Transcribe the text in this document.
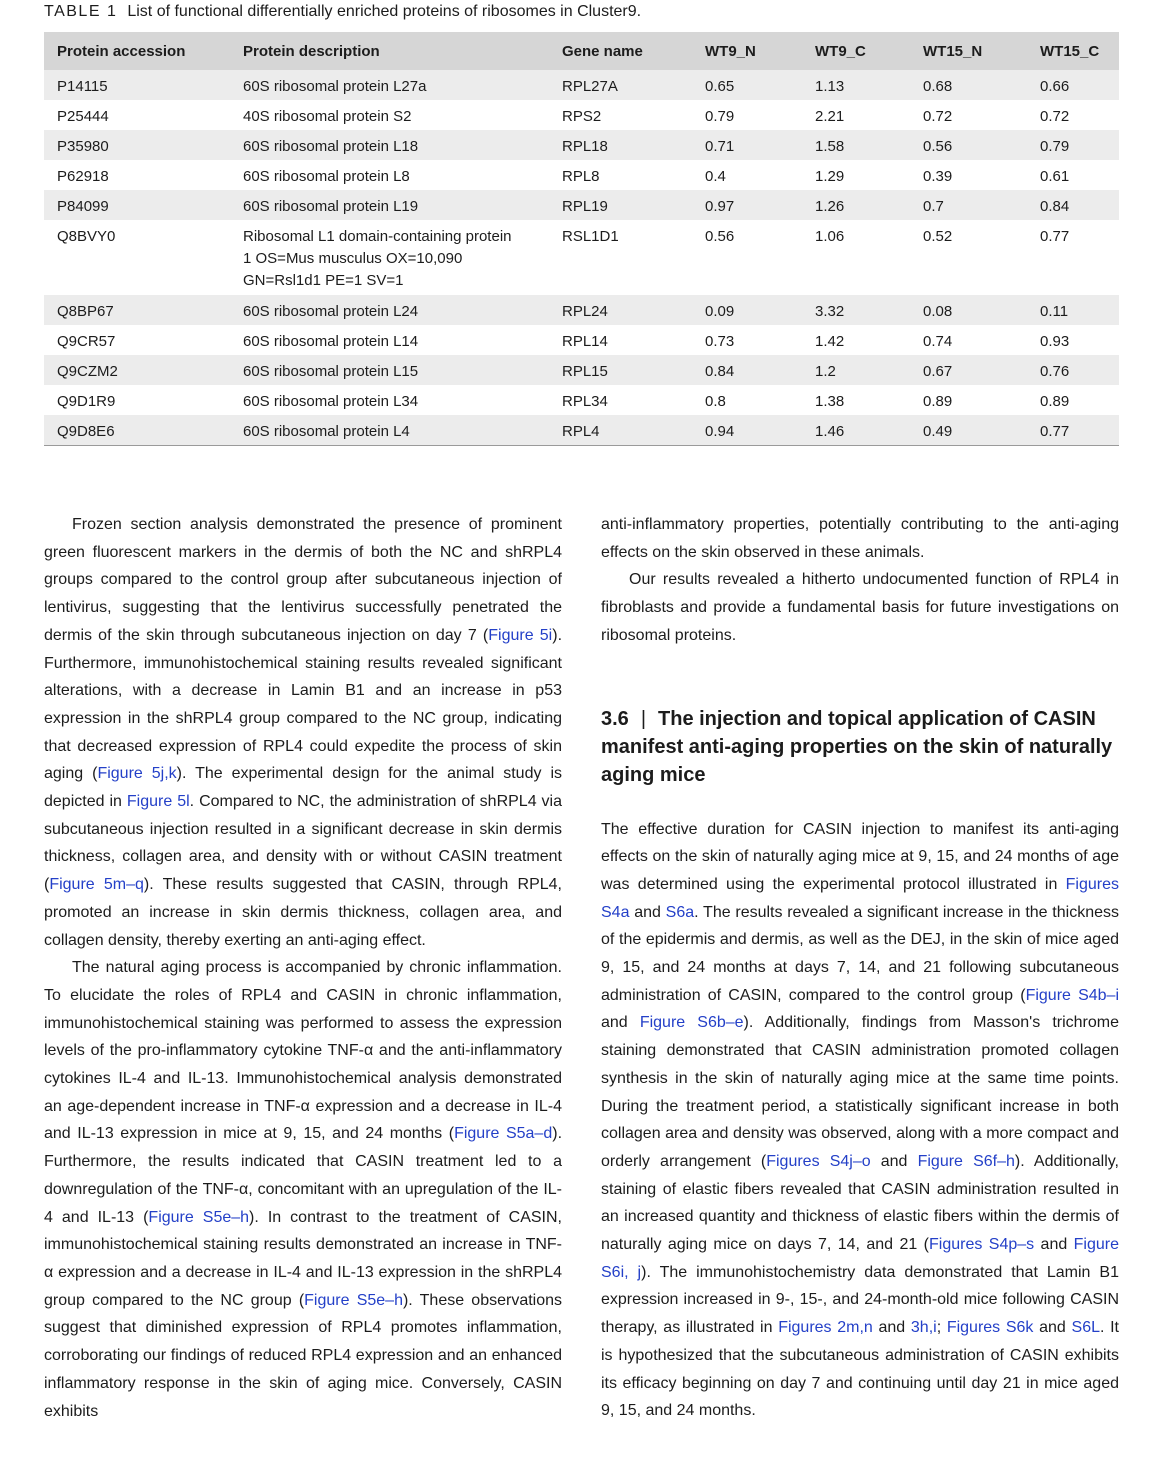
TABLE 1 List of functional differentially enriched proteins of ribosomes in Cluster9.
Protein accession	Protein description	Gene name	WT9_N	WT9_C	WT15_N	WT15_C
P14115	60S ribosomal protein L27a	RPL27A	0.65	1.13	0.68	0.66
P25444	40S ribosomal protein S2	RPS2	0.79	2.21	0.72	0.72
P35980	60S ribosomal protein L18	RPL18	0.71	1.58	0.56	0.79
P62918	60S ribosomal protein L8	RPL8	0.4	1.29	0.39	0.61
P84099	60S ribosomal protein L19	RPL19	0.97	1.26	0.7	0.84
Q8BVY0	Ribosomal L1 domain-containing protein
1 OS=Mus musculus OX=10,090
GN=Rsl1d1 PE=1 SV=1	RSL1D1	0.56	1.06	0.52	0.77
Q8BP67	60S ribosomal protein L24	RPL24	0.09	3.32	0.08	0.11
Q9CR57	60S ribosomal protein L14	RPL14	0.73	1.42	0.74	0.93
Q9CZM2	60S ribosomal protein L15	RPL15	0.84	1.2	0.67	0.76
Q9D1R9	60S ribosomal protein L34	RPL34	0.8	1.38	0.89	0.89
Q9D8E6	60S ribosomal protein L4	RPL4	0.94	1.46	0.49	0.77

Frozen section analysis demonstrated the presence of prominent green fluorescent markers in the dermis of both the NC and shRPL4 groups compared to the control group after subcutaneous injection of lentivirus, suggesting that the lentivirus successfully penetrated the dermis of the skin through subcutaneous injection on day 7 (Figure 5i). Furthermore, immunohistochemical staining results revealed significant alterations, with a decrease in Lamin B1 and an increase in p53 expression in the shRPL4 group compared to the NC group, indicating that decreased expression of RPL4 could expedite the process of skin aging (Figure 5j,k). The experimental design for the animal study is depicted in Figure 5l. Compared to NC, the administration of shRPL4 via subcutaneous injection resulted in a significant decrease in skin dermis thickness, collagen area, and density with or without CASIN treatment (Figure 5m–q). These results suggested that CASIN, through RPL4, promoted an increase in skin dermis thickness, collagen area, and collagen density, thereby exerting an anti-aging effect.

The natural aging process is accompanied by chronic inflammation. To elucidate the roles of RPL4 and CASIN in chronic inflammation, immunohistochemical staining was performed to assess the expression levels of the pro-inflammatory cytokine TNF-α and the anti-inflammatory cytokines IL-4 and IL-13. Immunohistochemical analysis demonstrated an age-dependent increase in TNF-α expression and a decrease in IL-4 and IL-13 expression in mice at 9, 15, and 24 months (Figure S5a–d). Furthermore, the results indicated that CASIN treatment led to a downregulation of the TNF-α, concomitant with an upregulation of the IL-4 and IL-13 (Figure S5e–h). In contrast to the treatment of CASIN, immunohistochemical staining results demonstrated an increase in TNF-α expression and a decrease in IL-4 and IL-13 expression in the shRPL4 group compared to the NC group (Figure S5e–h). These observations suggest that diminished expression of RPL4 promotes inflammation, corroborating our findings of reduced RPL4 expression and an enhanced inflammatory response in the skin of aging mice. Conversely, CASIN exhibits

anti-inflammatory properties, potentially contributing to the anti-aging effects on the skin observed in these animals.

Our results revealed a hitherto undocumented function of RPL4 in fibroblasts and provide a fundamental basis for future investigations on ribosomal proteins.

3.6 | The injection and topical application of CASIN manifest anti-aging properties on the skin of naturally aging mice

The effective duration for CASIN injection to manifest its anti-aging effects on the skin of naturally aging mice at 9, 15, and 24 months of age was determined using the experimental protocol illustrated in Figures S4a and S6a. The results revealed a significant increase in the thickness of the epidermis and dermis, as well as the DEJ, in the skin of mice aged 9, 15, and 24 months at days 7, 14, and 21 following subcutaneous administration of CASIN, compared to the control group (Figure S4b–i and Figure S6b–e). Additionally, findings from Masson's trichrome staining demonstrated that CASIN administration promoted collagen synthesis in the skin of naturally aging mice at the same time points. During the treatment period, a statistically significant increase in both collagen area and density was observed, along with a more compact and orderly arrangement (Figures S4j–o and Figure S6f–h). Additionally, staining of elastic fibers revealed that CASIN administration resulted in an increased quantity and thickness of elastic fibers within the dermis of naturally aging mice on days 7, 14, and 21 (Figures S4p–s and Figure S6i, j). The immunohistochemistry data demonstrated that Lamin B1 expression increased in 9-, 15-, and 24-month-old mice following CASIN therapy, as illustrated in Figures 2m,n and 3h,i; Figures S6k and S6L. It is hypothesized that the subcutaneous administration of CASIN exhibits its efficacy beginning on day 7 and continuing until day 21 in mice aged 9, 15, and 24 months.
